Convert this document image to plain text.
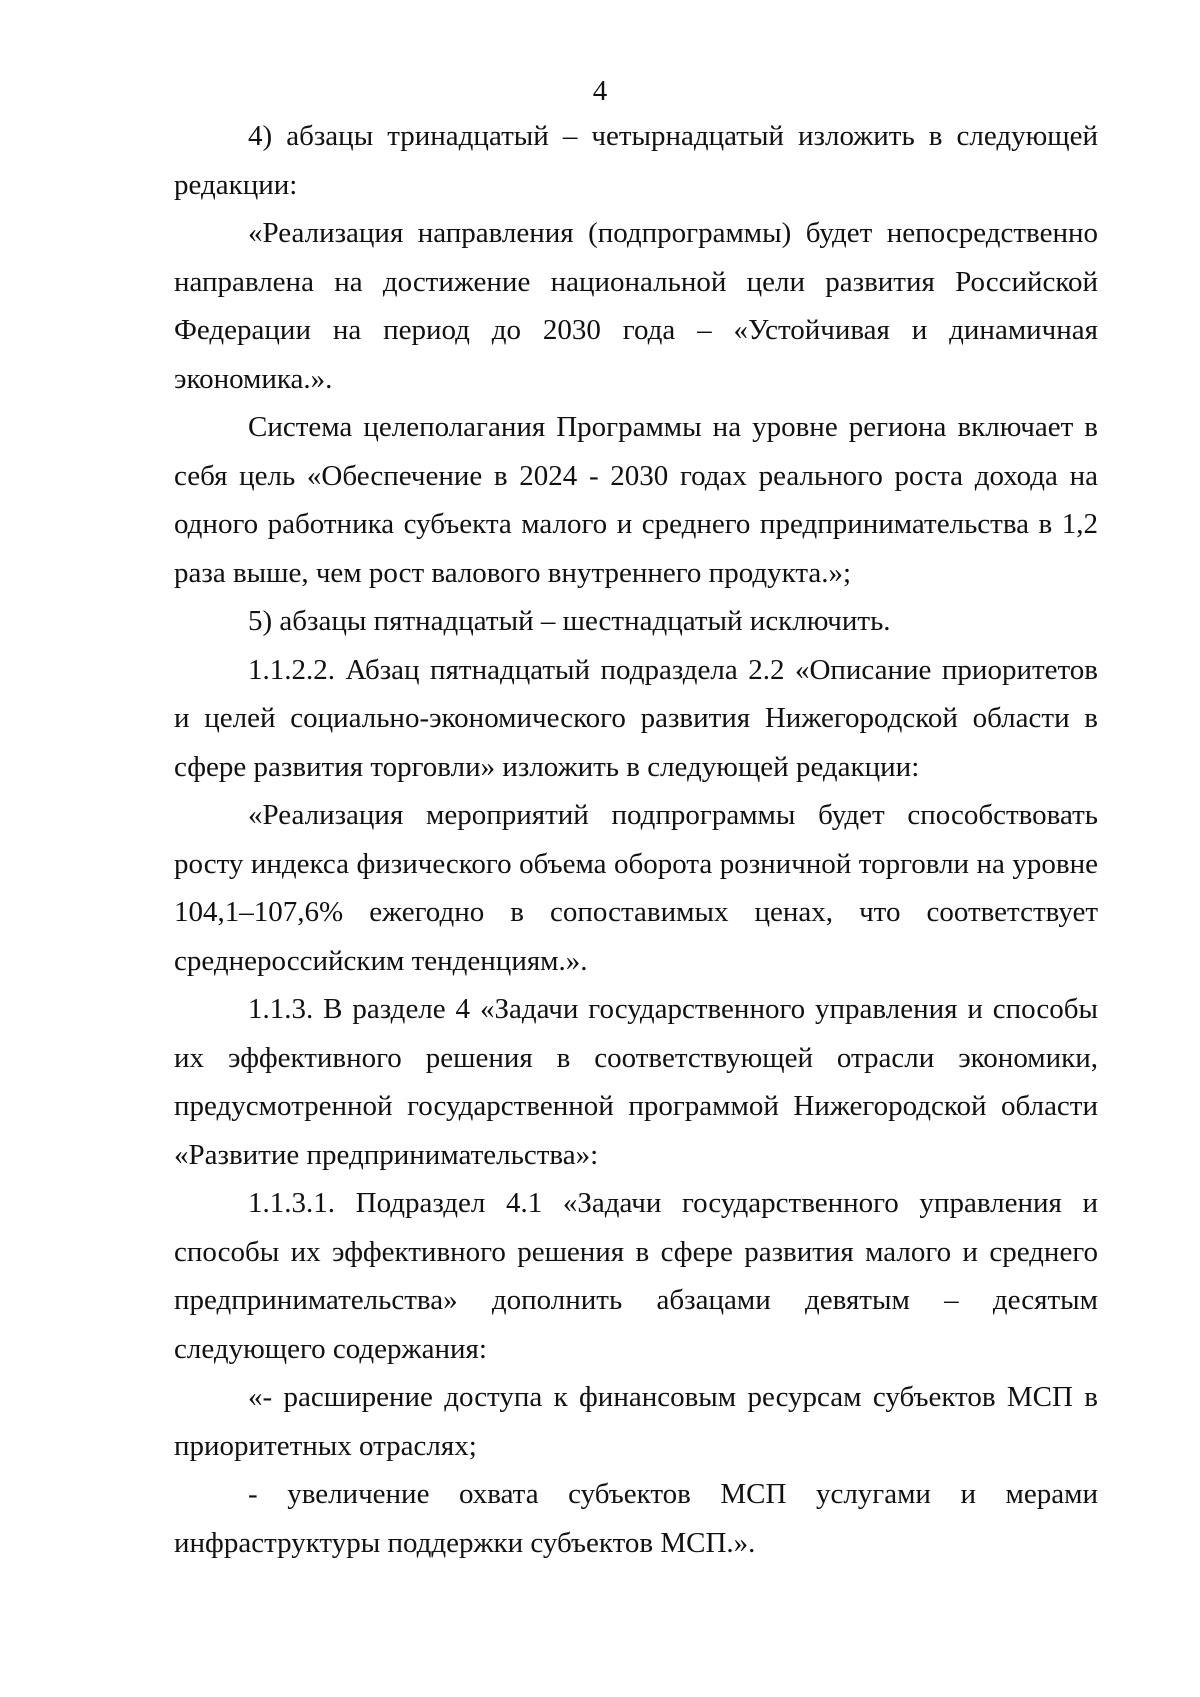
4

4) абзацы тринадцатый – четырнадцатый изложить в следующей редакции:

«Реализация направления (подпрограммы) будет непосредственно направлена на достижение национальной цели развития Российской Федерации на период до 2030 года – «Устойчивая и динамичная экономика.».

Система целеполагания Программы на уровне региона включает в себя цель «Обеспечение в 2024 - 2030 годах реального роста дохода на одного работника субъекта малого и среднего предпринимательства в 1,2 раза выше, чем рост валового внутреннего продукта.»;

5) абзацы пятнадцатый – шестнадцатый исключить.

1.1.2.2. Абзац пятнадцатый подраздела 2.2 «Описание приоритетов и целей социально-экономического развития Нижегородской области в сфере развития торговли» изложить в следующей редакции:

«Реализация мероприятий подпрограммы будет способствовать росту индекса физического объема оборота розничной торговли на уровне 104,1–107,6% ежегодно в сопоставимых ценах, что соответствует среднероссийским тенденциям.».

1.1.3. В разделе 4 «Задачи государственного управления и способы их эффективного решения в соответствующей отрасли экономики, предусмотренной государственной программой Нижегородской области «Развитие предпринимательства»:

1.1.3.1. Подраздел 4.1 «Задачи государственного управления и способы их эффективного решения в сфере развития малого и среднего предпринимательства» дополнить абзацами девятым – десятым следующего содержания:

«- расширение доступа к финансовым ресурсам субъектов МСП в приоритетных отраслях;

- увеличение охвата субъектов МСП услугами и мерами инфраструктуры поддержки субъектов МСП.».
